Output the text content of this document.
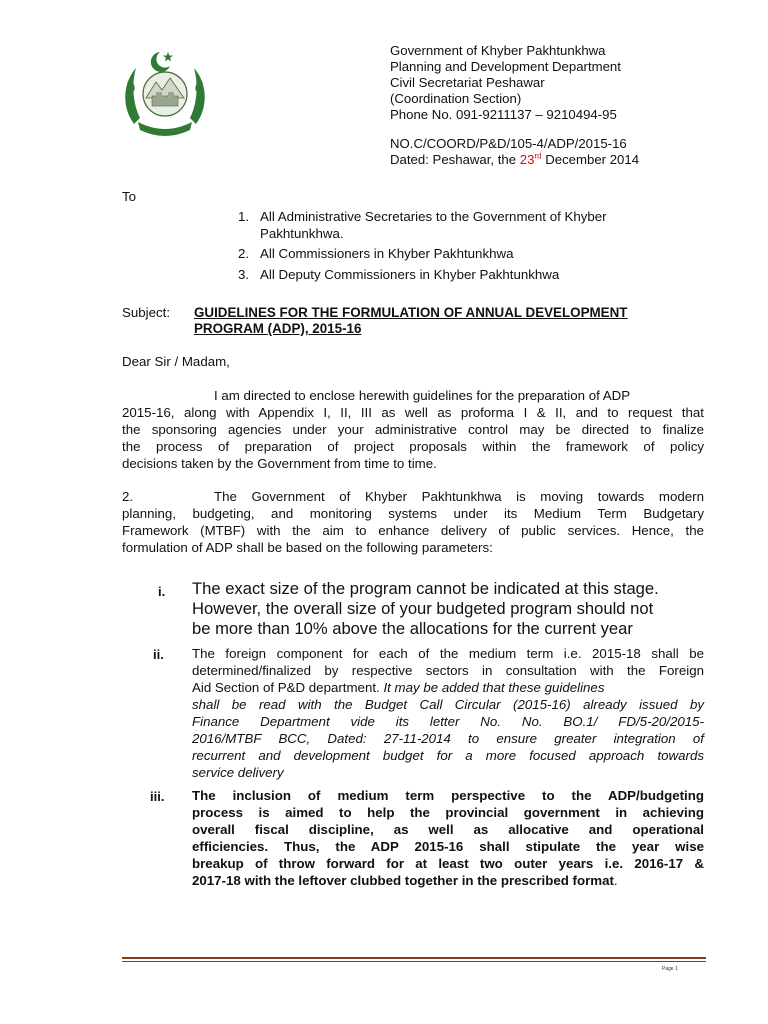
Government of Khyber Pakhtunkhwa
Planning and Development Department
Civil Secretariat Peshawar
(Coordination Section)
Phone No. 091-9211137 – 9210494-95
NO.C/COORD/P&D/105-4/ADP/2015-16
Dated: Peshawar, the 23rd December 2014
To
1. All Administrative Secretaries to the Government of Khyber
Pakhtunkhwa.
2. All Commissioners in Khyber Pakhtunkhwa
3. All Deputy Commissioners in Khyber Pakhtunkhwa
Subject: GUIDELINES FOR THE FORMULATION OF ANNUAL DEVELOPMENT
PROGRAM (ADP), 2015-16
Dear Sir / Madam,
I am directed to enclose herewith guidelines for the preparation of ADP
2015-16, along with Appendix I, II, III as well as proforma I & II, and to request that
the sponsoring agencies under your administrative control may be directed to finalize
the process of preparation of project proposals within the framework of policy
decisions taken by the Government from time to time.
2.	The Government of Khyber Pakhtunkhwa is moving towards modern
planning, budgeting, and monitoring systems under its Medium Term Budgetary
Framework (MTBF) with the aim to enhance delivery of public services. Hence, the
formulation of ADP shall be based on the following parameters:
i. The exact size of the program cannot be indicated at this stage.
However, the overall size of your budgeted program should not
be more than 10% above the allocations for the current year
ii. The foreign component for each of the medium term i.e. 2015-18 shall be
determined/finalized by respective sectors in consultation with the Foreign
Aid Section of P&D department. It may be added that these guidelines
shall be read with the Budget Call Circular (2015-16) already issued by
Finance Department vide its letter No. No. BO.1/ FD/5-20/2015-
2016/MTBF BCC, Dated: 27-11-2014 to ensure greater integration of
recurrent and development budget for a more focused approach towards
service delivery
iii. The inclusion of medium term perspective to the ADP/budgeting
process is aimed to help the provincial government in achieving
overall fiscal discipline, as well as allocative and operational
efficiencies. Thus, the ADP 2015-16 shall stipulate the year wise
breakup of throw forward for at least two outer years i.e. 2016-17 &
2017-18 with the leftover clubbed together in the prescribed format.
Page 1
